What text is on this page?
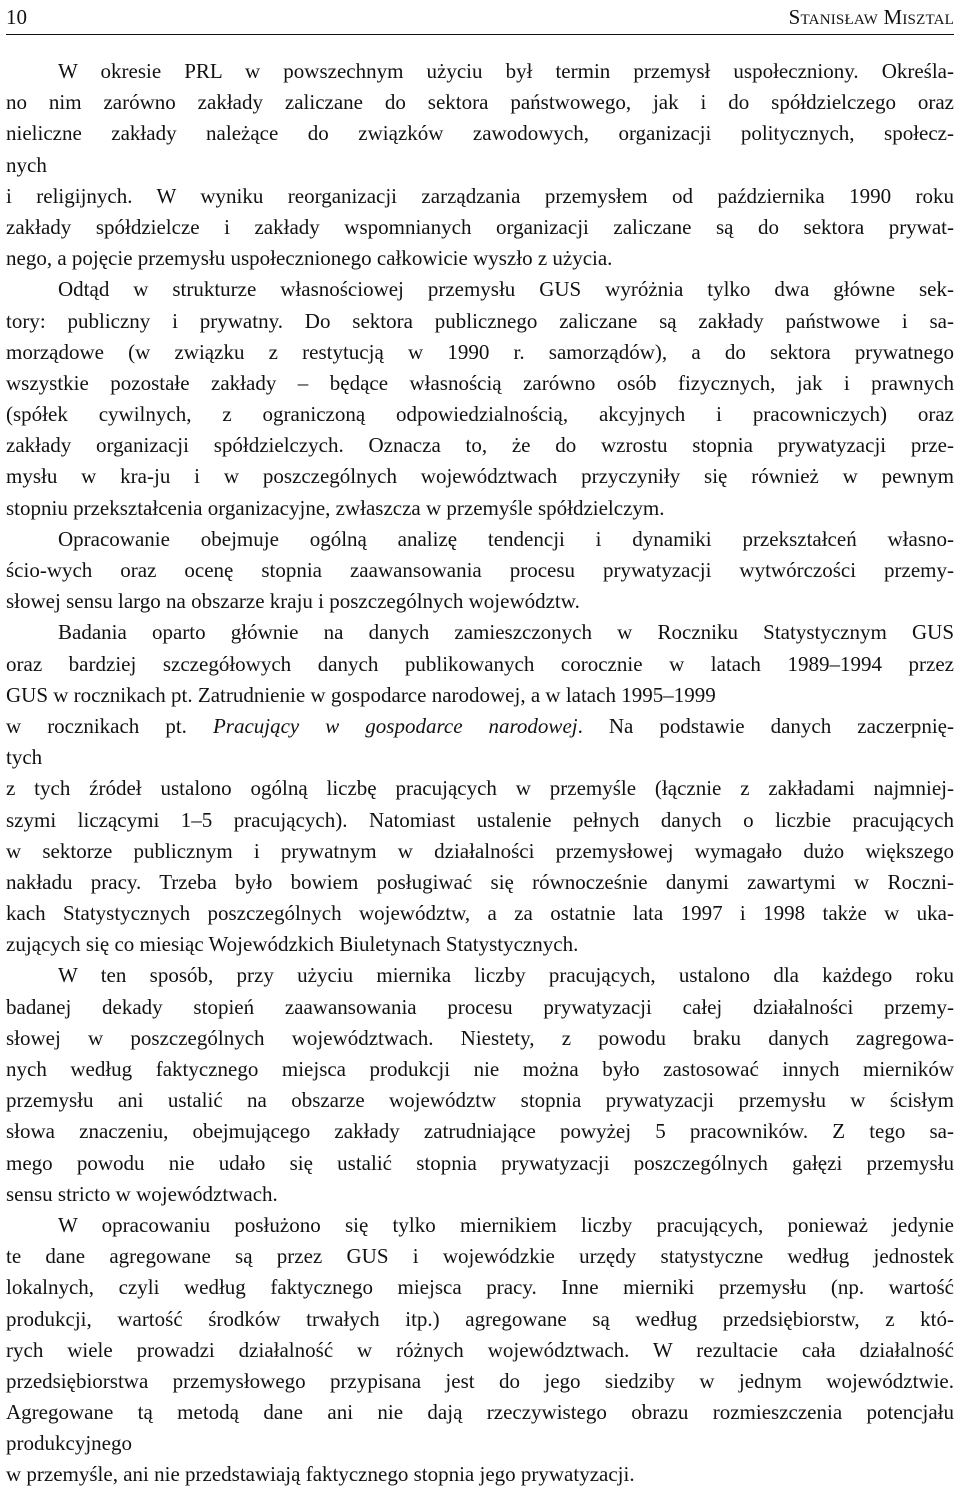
10	Stanisław Misztal
W okresie PRL w powszechnym użyciu był termin przemysł uspołeczniony. Określa-
no nim zarówno zakłady zaliczane do sektora państwowego, jak i do spółdzielczego oraz
nieliczne zakłady należące do związków zawodowych, organizacji politycznych, społecz-
nych
i religijnych. W wyniku reorganizacji zarządzania przemysłem od października 1990 roku
zakłady spółdzielcze i zakłady wspomnianych organizacji zaliczane są do sektora prywat-
nego, a pojęcie przemysłu uspołecznionego całkowicie wyszło z użycia.
Odtąd w strukturze własnościowej przemysłu GUS wyróżnia tylko dwa główne sek-
tory: publiczny i prywatny. Do sektora publicznego zaliczane są zakłady państwowe i sa-
morządowe (w związku z restytucją w 1990 r. samorządów), a do sektora prywatnego
wszystkie pozostałe zakłady – będące własnością zarówno osób fizycznych, jak i prawnych
(spółek cywilnych, z ograniczoną odpowiedzialnością, akcyjnych i pracowniczych) oraz
zakłady organizacji spółdzielczych. Oznacza to, że do wzrostu stopnia prywatyzacji prze-
mysłu w kra-ju i w poszczególnych województwach przyczyniły się również w pewnym
stopniu przekształcenia organizacyjne, zwłaszcza w przemyśle spółdzielczym.
Opracowanie obejmuje ogólną analizę tendencji i dynamiki przekształceń własno-
ścio-wych oraz ocenę stopnia zaawansowania procesu prywatyzacji wytwórczości przemy-
słowej sensu largo na obszarze kraju i poszczególnych województw.
Badania oparto głównie na danych zamieszczonych w Roczniku Statystycznym GUS
oraz bardziej szczegółowych danych publikowanych corocznie w latach 1989–1994 przez
GUS w rocznikach pt. Zatrudnienie w gospodarce narodowej, a w latach 1995–1999
w rocznikach pt. Pracujący w gospodarce narodowej. Na podstawie danych zaczerpnię-
tych
z tych źródeł ustalono ogólną liczbę pracujących w przemyśle (łącznie z zakładami najmniej-
szymi liczącymi 1–5 pracujących). Natomiast ustalenie pełnych danych o liczbie pracujących
w sektorze publicznym i prywatnym w działalności przemysłowej wymagało dużo większego
nakładu pracy. Trzeba było bowiem posługiwać się równocześnie danymi zawartymi w Roczni-
kach Statystycznych poszczególnych województw, a za ostatnie lata 1997 i 1998 także w uka-
zujących się co miesiąc Wojewódzkich Biuletynach Statystycznych.
W ten sposób, przy użyciu miernika liczby pracujących, ustalono dla każdego roku
badanej dekady stopień zaawansowania procesu prywatyzacji całej działalności przemy-
słowej w poszczególnych województwach. Niestety, z powodu braku danych zagregowa-
nych według faktycznego miejsca produkcji nie można było zastosować innych mierników
przemysłu ani ustalić na obszarze województw stopnia prywatyzacji przemysłu w ścisłym
słowa znaczeniu, obejmującego zakłady zatrudniające powyżej 5 pracowników. Z tego sa-
mego powodu nie udało się ustalić stopnia prywatyzacji poszczególnych gałęzi przemysłu
sensu stricto w województwach.
W opracowaniu posłużono się tylko miernikiem liczby pracujących, ponieważ jedynie
te dane agregowane są przez GUS i wojewódzkie urzędy statystyczne według jednostek
lokalnych, czyli według faktycznego miejsca pracy. Inne mierniki przemysłu (np. wartość
produkcji, wartość środków trwałych itp.) agregowane są według przedsiębiorstw, z któ-
rych wiele prowadzi działalność w różnych województwach. W rezultacie cała działalność
przedsiębiorstwa przemysłowego przypisana jest do jego siedziby w jednym województwie.
Agregowane tą metodą dane ani nie dają rzeczywistego obrazu rozmieszczenia potencjału
produkcyjnego
w przemyśle, ani nie przedstawiają faktycznego stopnia jego prywatyzacji.
